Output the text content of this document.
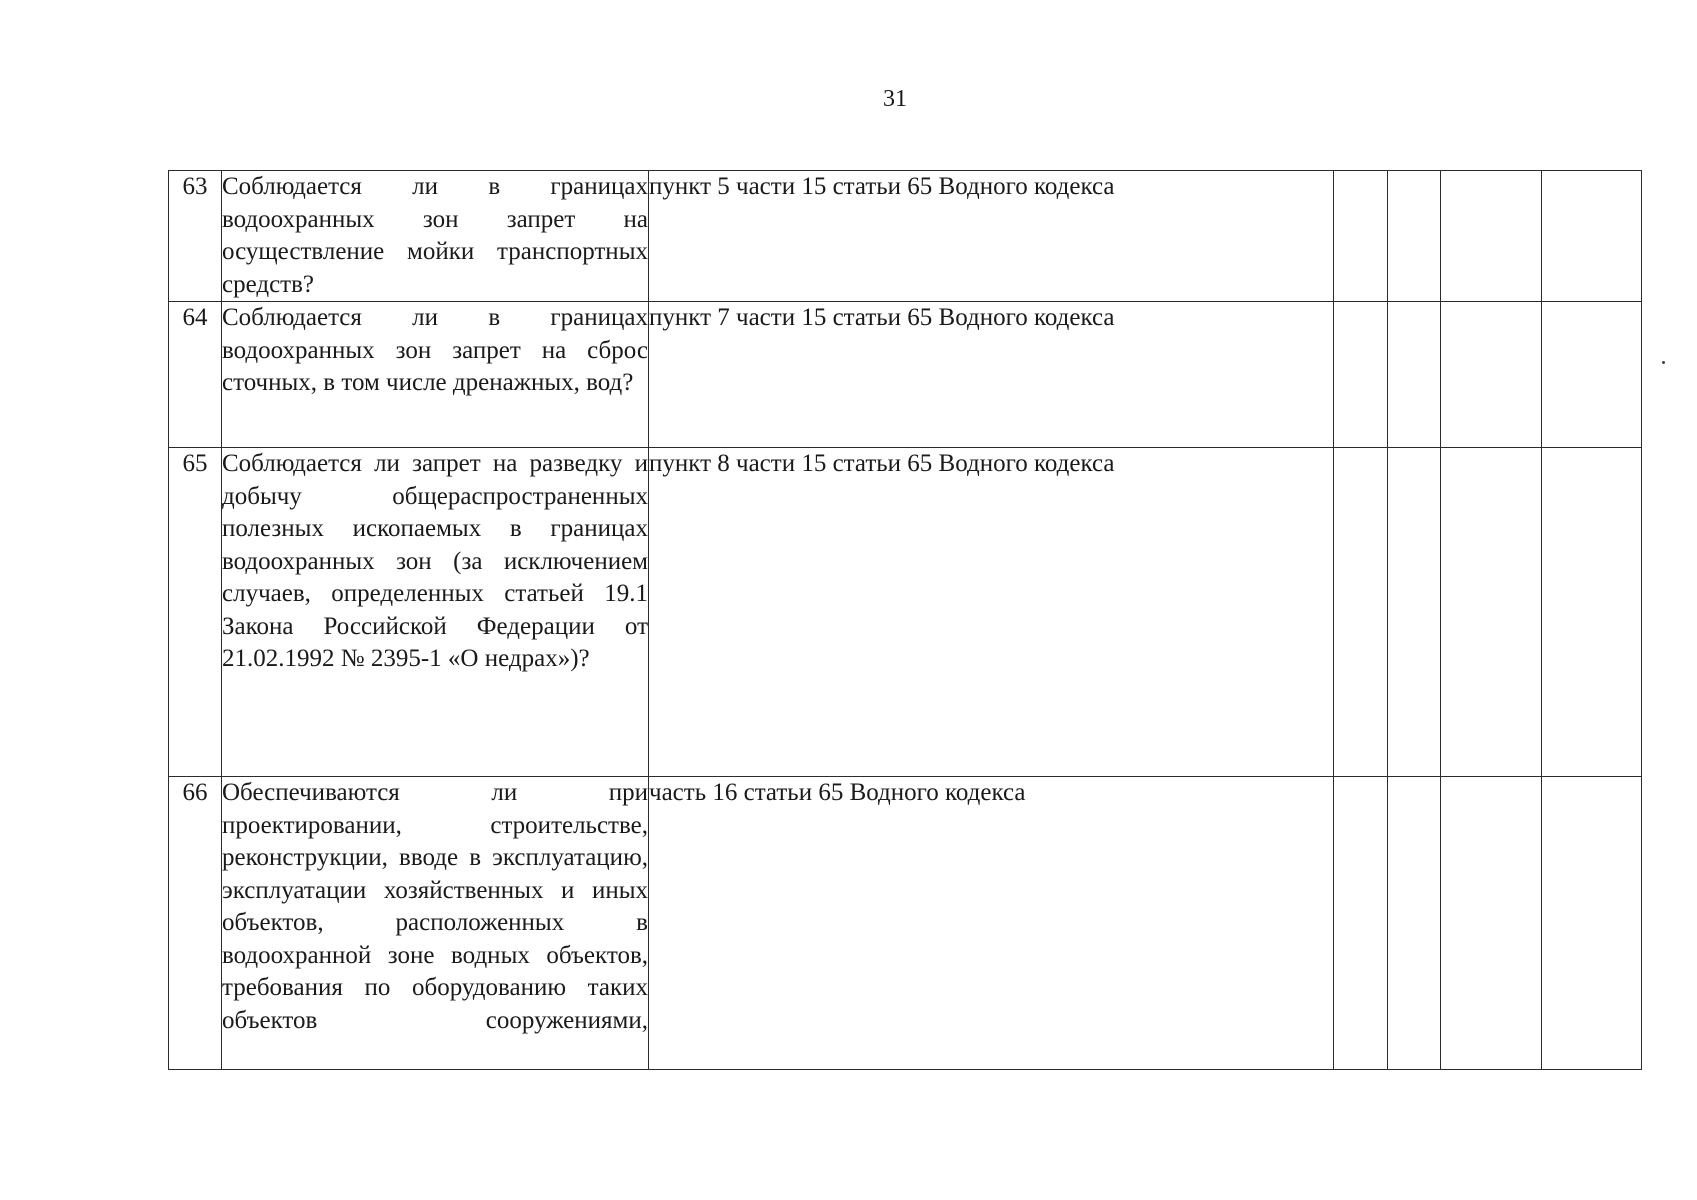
31
63	Соблюдается ли в границах водоохранных зон запрет на осуществление мойки транспортных средств?	пункт 5 части 15 статьи 65 Водного кодекса				
64	Соблюдается ли в границах водоохранных зон запрет на сброс сточных, в том числе дренажных, вод?	пункт 7 части 15 статьи 65 Водного кодекса				
65	Соблюдается ли запрет на разведку и добычу общераспространенных полезных ископаемых в границах водоохранных зон (за исключением случаев, определенных статьей 19.1 Закона Российской Федерации от 21.02.1992 № 2395-1 «О недрах»)?	пункт 8 части 15 статьи 65 Водного кодекса				
66	Обеспечиваются ли при проектировании, строительстве, реконструкции, вводе в эксплуатацию, эксплуатации хозяйственных и иных объектов, расположенных в водоохранной зоне водных объектов, требования по оборудованию таких объектов сооружениями,	часть 16 статьи 65 Водного кодекса				
